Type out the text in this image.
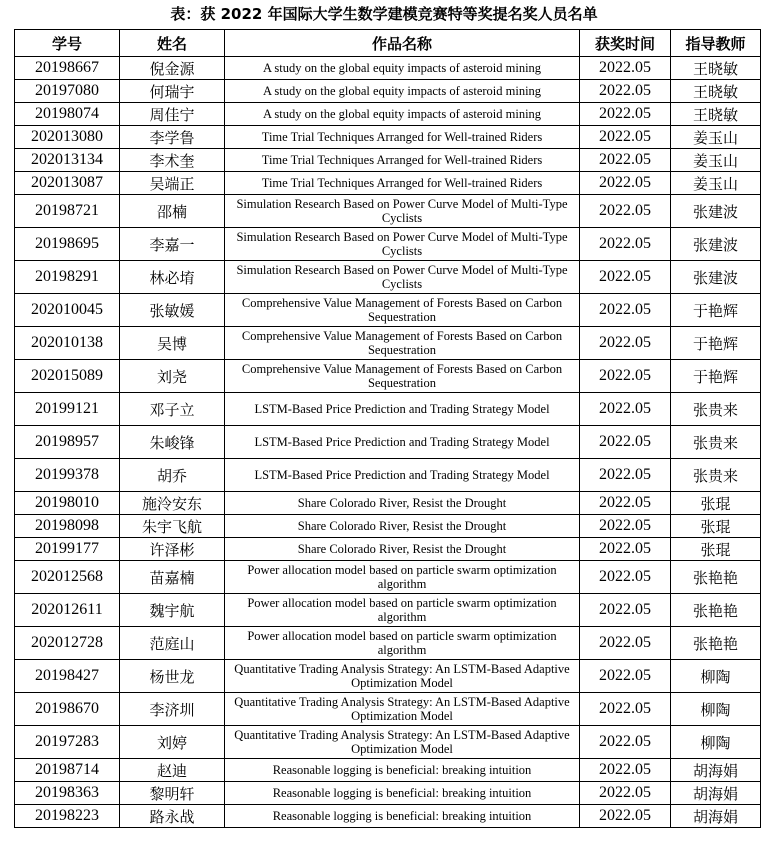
表：获 2022 年国际大学生数学建模竞赛特等奖提名奖人员名单
学号	姓名	作品名称	获奖时间	指导教师
20198667	倪金源	A study on the global equity impacts of asteroid mining	2022.05	王晓敏
20197080	何瑞宇	A study on the global equity impacts of asteroid mining	2022.05	王晓敏
20198074	周佳宁	A study on the global equity impacts of asteroid mining	2022.05	王晓敏
202013080	李学鲁	Time Trial Techniques Arranged for Well-trained Riders	2022.05	姜玉山
202013134	李术奎	Time Trial Techniques Arranged for Well-trained Riders	2022.05	姜玉山
202013087	吴端正	Time Trial Techniques Arranged for Well-trained Riders	2022.05	姜玉山
20198721	邵楠	Simulation Research Based on Power Curve Model of Multi-Type Cyclists	2022.05	张建波
20198695	李嘉一	Simulation Research Based on Power Curve Model of Multi-Type Cyclists	2022.05	张建波
20198291	林必堉	Simulation Research Based on Power Curve Model of Multi-Type Cyclists	2022.05	张建波
202010045	张敏媛	Comprehensive Value Management of Forests Based on Carbon Sequestration	2022.05	于艳辉
202010138	吴博	Comprehensive Value Management of Forests Based on Carbon Sequestration	2022.05	于艳辉
202015089	刘尧	Comprehensive Value Management of Forests Based on Carbon Sequestration	2022.05	于艳辉
20199121	邓子立	LSTM-Based Price Prediction and Trading Strategy Model	2022.05	张贵来
20198957	朱峻锋	LSTM-Based Price Prediction and Trading Strategy Model	2022.05	张贵来
20199378	胡乔	LSTM-Based Price Prediction and Trading Strategy Model	2022.05	张贵来
20198010	施泠安东	Share Colorado River, Resist the Drought	2022.05	张琨
20198098	朱宇飞航	Share Colorado River, Resist the Drought	2022.05	张琨
20199177	许泽彬	Share Colorado River, Resist the Drought	2022.05	张琨
202012568	苗嘉楠	Power allocation model based on particle swarm optimization algorithm	2022.05	张艳艳
202012611	魏宇航	Power allocation model based on particle swarm optimization algorithm	2022.05	张艳艳
202012728	范庭山	Power allocation model based on particle swarm optimization algorithm	2022.05	张艳艳
20198427	杨世龙	Quantitative Trading Analysis Strategy: An LSTM-Based Adaptive Optimization Model	2022.05	柳陶
20198670	李济圳	Quantitative Trading Analysis Strategy: An LSTM-Based Adaptive Optimization Model	2022.05	柳陶
20197283	刘婷	Quantitative Trading Analysis Strategy: An LSTM-Based Adaptive Optimization Model	2022.05	柳陶
20198714	赵迪	Reasonable logging is beneficial: breaking intuition	2022.05	胡海娟
20198363	黎明轩	Reasonable logging is beneficial: breaking intuition	2022.05	胡海娟
20198223	路永战	Reasonable logging is beneficial: breaking intuition	2022.05	胡海娟
